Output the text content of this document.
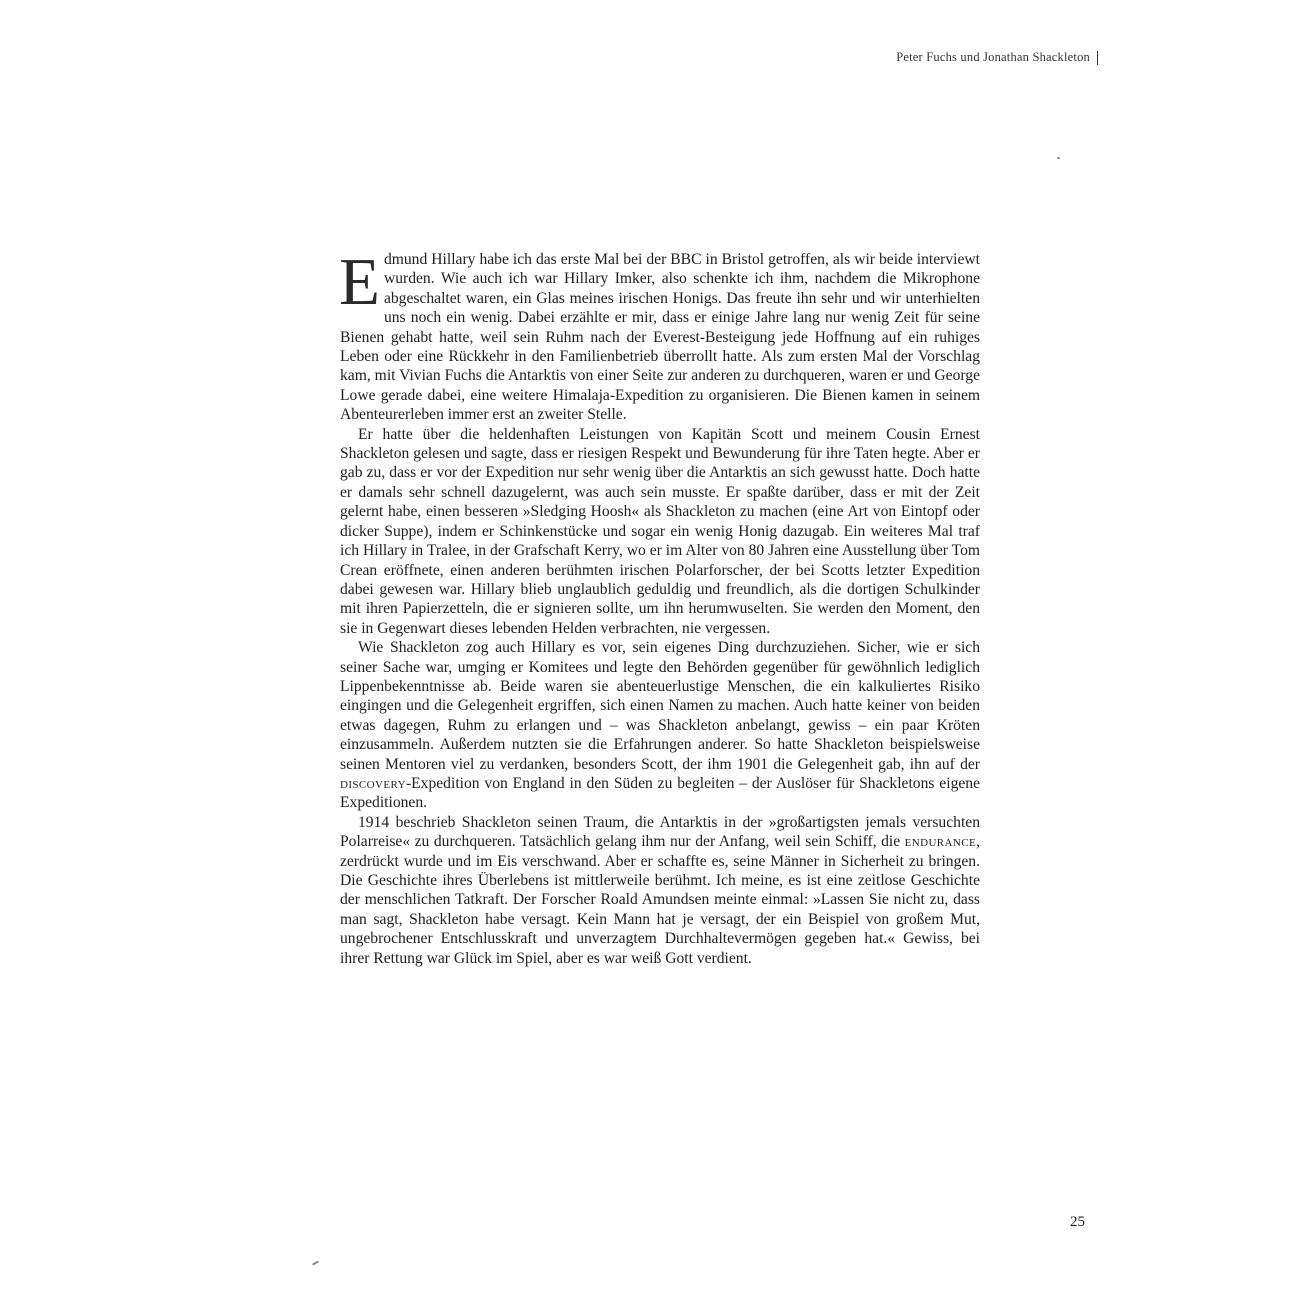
Peter Fuchs und Jonathan Shackleton

Edmund Hillary habe ich das erste Mal bei der BBC in Bristol getroffen, als wir beide interviewt wurden. Wie auch ich war Hillary Imker, also schenkte ich ihm, nachdem die Mikrophone abgeschaltet waren, ein Glas meines irischen Honigs. Das freute ihn sehr und wir unterhielten uns noch ein wenig. Dabei erzählte er mir, dass er einige Jahre lang nur wenig Zeit für seine Bienen gehabt hatte, weil sein Ruhm nach der Everest-Besteigung jede Hoffnung auf ein ruhiges Leben oder eine Rückkehr in den Familienbetrieb überrollt hatte. Als zum ersten Mal der Vorschlag kam, mit Vivian Fuchs die Antarktis von einer Seite zur anderen zu durchqueren, waren er und George Lowe gerade dabei, eine weitere Himalaja-Expedition zu organisieren. Die Bienen kamen in seinem Abenteurerleben immer erst an zweiter Stelle.

Er hatte über die heldenhaften Leistungen von Kapitän Scott und meinem Cousin Ernest Shackleton gelesen und sagte, dass er riesigen Respekt und Bewunderung für ihre Taten hegte. Aber er gab zu, dass er vor der Expedition nur sehr wenig über die Antarktis an sich gewusst hatte. Doch hatte er damals sehr schnell dazugelernt, was auch sein musste. Er spaßte darüber, dass er mit der Zeit gelernt habe, einen besseren »Sledging Hoosh« als Shackleton zu machen (eine Art von Eintopf oder dicker Suppe), indem er Schinkenstücke und sogar ein wenig Honig dazugab. Ein weiteres Mal traf ich Hillary in Tralee, in der Grafschaft Kerry, wo er im Alter von 80 Jahren eine Ausstellung über Tom Crean eröffnete, einen anderen berühmten irischen Polarforscher, der bei Scotts letzter Expedition dabei gewesen war. Hillary blieb unglaublich geduldig und freundlich, als die dortigen Schulkinder mit ihren Papierzetteln, die er signieren sollte, um ihn herumwuselten. Sie werden den Moment, den sie in Gegenwart dieses lebenden Helden verbrachten, nie vergessen.

Wie Shackleton zog auch Hillary es vor, sein eigenes Ding durchzuziehen. Sicher, wie er sich seiner Sache war, umging er Komitees und legte den Behörden gegenüber für gewöhnlich lediglich Lippenbekenntnisse ab. Beide waren sie abenteuerlustige Menschen, die ein kalkuliertes Risiko eingingen und die Gelegenheit ergriffen, sich einen Namen zu machen. Auch hatte keiner von beiden etwas dagegen, Ruhm zu erlangen und – was Shackleton anbelangt, gewiss – ein paar Kröten einzusammeln. Außerdem nutzten sie die Erfahrungen anderer. So hatte Shackleton beispielsweise seinen Mentoren viel zu verdanken, besonders Scott, der ihm 1901 die Gelegenheit gab, ihn auf der discovery-Expedition von England in den Süden zu begleiten – der Auslöser für Shackletons eigene Expeditionen.

1914 beschrieb Shackleton seinen Traum, die Antarktis in der »großartigsten jemals versuchten Polarreise« zu durchqueren. Tatsächlich gelang ihm nur der Anfang, weil sein Schiff, die endurance, zerdrückt wurde und im Eis verschwand. Aber er schaffte es, seine Männer in Sicherheit zu bringen. Die Geschichte ihres Überlebens ist mittlerweile berühmt. Ich meine, es ist eine zeitlose Geschichte der menschlichen Tatkraft. Der Forscher Roald Amundsen meinte einmal: »Lassen Sie nicht zu, dass man sagt, Shackleton habe versagt. Kein Mann hat je versagt, der ein Beispiel von großem Mut, ungebrochener Entschlusskraft und unverzagtem Durchhaltevermögen gegeben hat.« Gewiss, bei ihrer Rettung war Glück im Spiel, aber es war weiß Gott verdient.

25
